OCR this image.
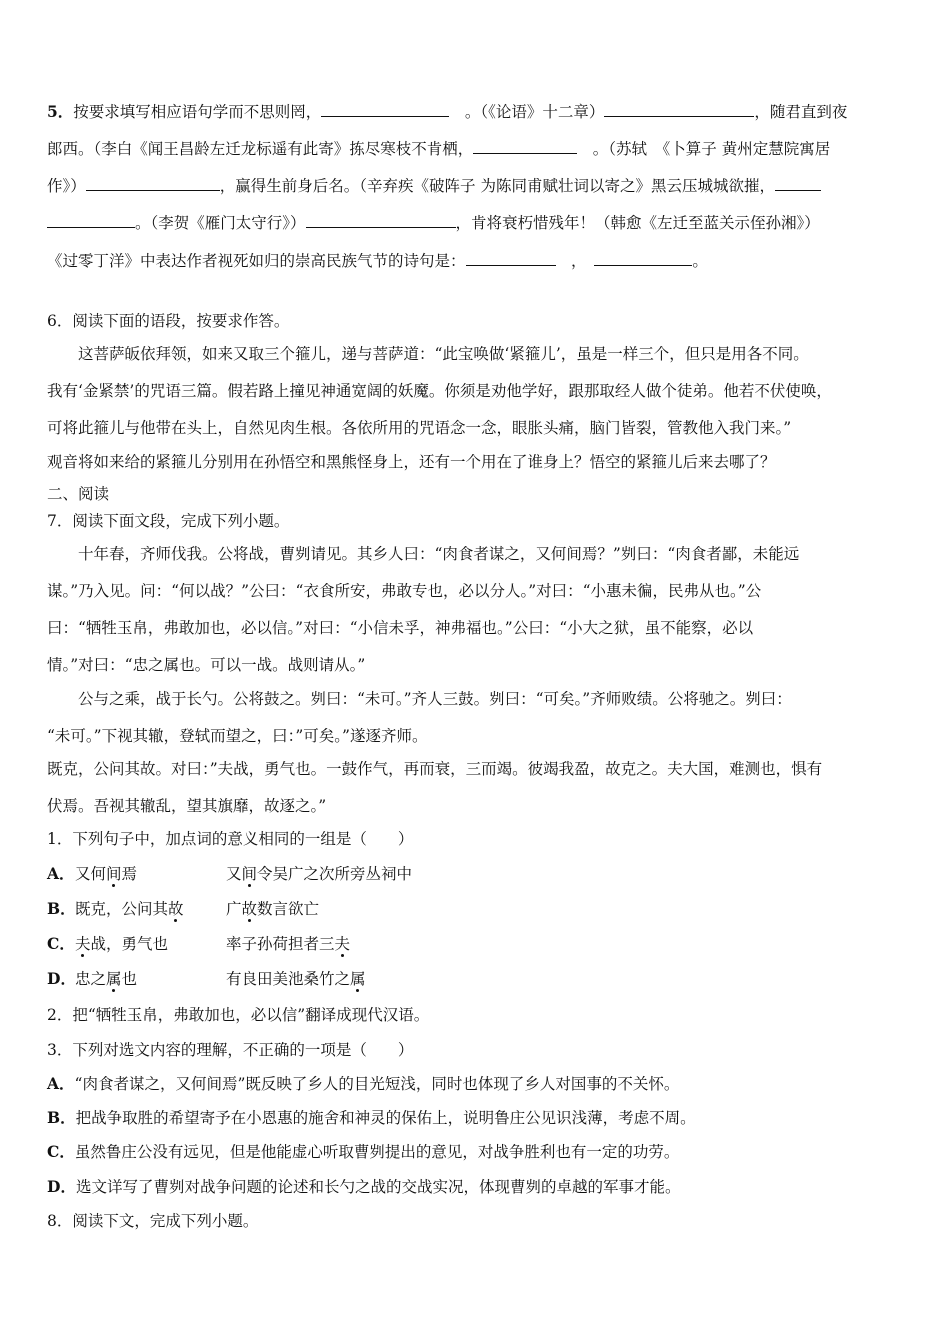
5．按要求填写相应语句学而不思则罔，　	。（《论语》十二章）	，随君直到夜
郎西。（李白《闻王昌龄左迁龙标遥有此寄》拣尽寒枝不肯栖，　	。（苏轼　《卜算子 黄州定慧院寓居
作》）	，赢得生前身后名。（辛弃疾《破阵子 为陈同甫赋壮词以寄之》黑云压城城欲摧，
。（李贺《雁门太守行》）	，肯将衰朽惜残年！（韩愈《左迁至蓝关示侄孙湘》）
《过零丁洋》中表达作者视死如归的崇高民族气节的诗句是：　	，　	。
6．阅读下面的语段，按要求作答。
这菩萨皈依拜领，如来又取三个箍儿，递与菩萨道：“此宝唤做‘紧箍儿’，虽是一样三个，但只是用各不同。
我有‘金紧禁’的咒语三篇。假若路上撞见神通宽阔的妖魔。你须是劝他学好，跟那取经人做个徒弟。他若不伏使唤，
可将此箍儿与他带在头上，自然见肉生根。各依所用的咒语念一念，眼胀头痛，脑门皆裂，管教他入我门来。”
观音将如来给的紧箍儿分别用在孙悟空和黑熊怪身上，还有一个用在了谁身上？悟空的紧箍儿后来去哪了？
二、阅读
7．阅读下面文段，完成下列小题。
十年春，齐师伐我。公将战，曹刿请见。其乡人曰：“肉食者谋之，又何间焉？”刿曰：“肉食者鄙，未能远
谋。”乃入见。问：“何以战？”公曰：“衣食所安，弗敢专也，必以分人。”对曰：“小惠未徧，民弗从也。”公
曰：“牺牲玉帛，弗敢加也，必以信。”对曰：“小信未孚，神弗福也。”公曰：“小大之狱，虽不能察，必以
情。”对曰：“忠之属也。可以一战。战则请从。”
公与之乘，战于长勺。公将鼓之。刿曰：“未可。”齐人三鼓。刿曰：“可矣。”齐师败绩。公将驰之。刿曰：
“未可。”下视其辙，登轼而望之，曰：”可矣。”遂逐齐师。
既克，公问其故。对曰：”夫战，勇气也。一鼓作气，再而衰，三而竭。彼竭我盈，故克之。夫大国，难测也，惧有
伏焉。吾视其辙乱，望其旗靡，故逐之。”
1．下列句子中，加点词的意义相同的一组是（　　）
A． 又何间焉	又间令吴广之次所旁丛祠中
B． 既克，公问其故	广故数言欲亡
C． 夫战，勇气也	率子孙荷担者三夫
D． 忠之属也	有良田美池桑竹之属
2．把“牺牲玉帛，弗敢加也，必以信”翻译成现代汉语。
3．下列对选文内容的理解，不正确的一项是（　　）
A．“肉食者谋之，又何间焉”既反映了乡人的目光短浅，同时也体现了乡人对国事的不关怀。
B．把战争取胜的希望寄予在小恩惠的施舍和神灵的保佑上，说明鲁庄公见识浅薄，考虑不周。
C．虽然鲁庄公没有远见，但是他能虚心听取曹刿提出的意见，对战争胜利也有一定的功劳。
D．选文详写了曹刿对战争问题的论述和长勺之战的交战实况，体现曹刿的卓越的军事才能。
8．阅读下文，完成下列小题。
